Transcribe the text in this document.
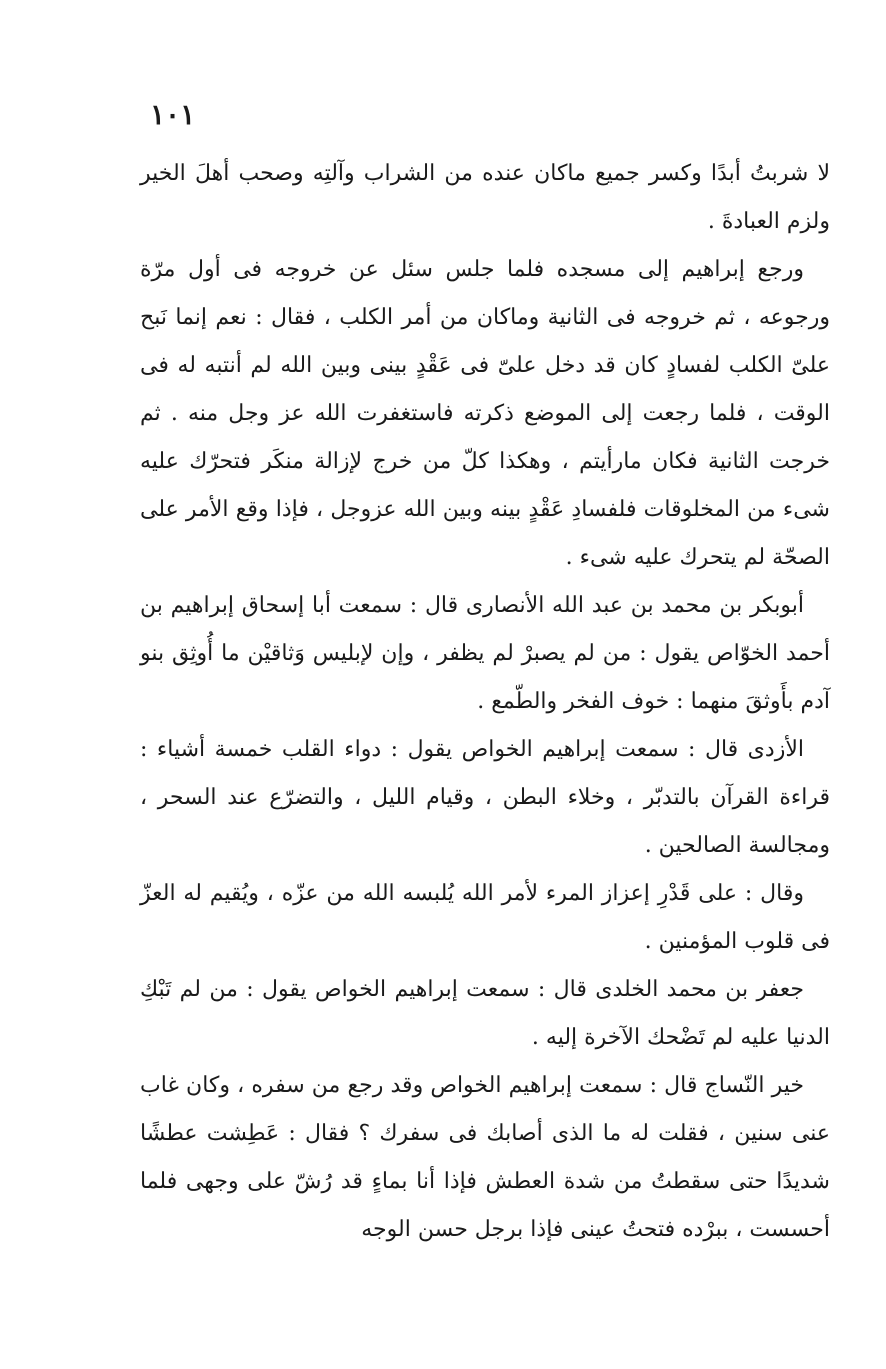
١٠١

لا شربتُ أبدًا وكسر جميع ماكان عنده من الشراب وآلتِه وصحب أهلَ الخير ولزم العبادةَ .

ورجع إبراهيم إلى مسجده فلما جلس سئل عن خروجه فى أول مرّة ورجوعه ، ثم خروجه فى الثانية وماكان من أمر الكلب ، فقال : نعم إنما نَبح علىّ الكلب لفسادٍ كان قد دخل علىّ فى عَقْدٍ بينى وبين الله لم أنتبه له فى الوقت ، فلما رجعت إلى الموضع ذكرته فاستغفرت الله عز وجل منه . ثم خرجت الثانية فكان مارأيتم ، وهكذا كلّ من خرج لإزالة منكَر فتحرّك عليه شىء من المخلوقات فلفسادِ عَقْدٍ بينه وبين الله عزوجل ، فإذا وقع الأمر على الصحّة لم يتحرك عليه شىء .

أبوبكر بن محمد بن عبد الله الأنصارى قال : سمعت أبا إسحاق إبراهيم بن أحمد الخوّاص يقول : من لم يصبرْ لم يظفر ، وإن لإبليس وَثاقيْن ما أُوثِق بنو آدم بأَوثقَ منهما : خوف الفخر والطّمع .

الأزدى قال : سمعت إبراهيم الخواص يقول : دواء القلب خمسة أشياء : قراءة القرآن بالتدبّر ، وخلاء البطن ، وقيام الليل ، والتضرّع عند السحر ، ومجالسة الصالحين .

وقال : على قَدْرِ إعزاز المرء لأمر الله يُلبسه الله من عزّه ، ويُقيم له العزّ فى قلوب المؤمنين .

جعفر بن محمد الخلدى قال : سمعت إبراهيم الخواص يقول : من لم تَبْكِ الدنيا عليه لم تَضْحك الآخرة إليه .

خير النّساج قال : سمعت إبراهيم الخواص وقد رجع من سفره ، وكان غاب عنى سنين ، فقلت له ما الذى أصابك فى سفرك ؟ فقال : عَطِشت عطشًا شديدًا حتى سقطتُ من شدة العطش فإذا أنا بماءٍ قد رُشّ على وجهى فلما أحسست ، ببرْده فتحتُ عينى فإذا برجل حسن الوجه
